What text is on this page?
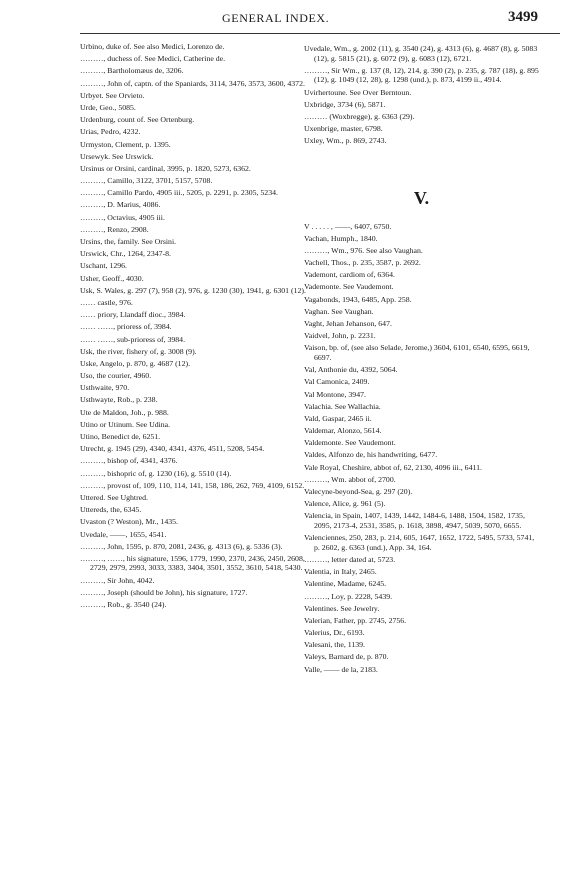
GENERAL INDEX.	3499
Urbino, duke of. See also Medici, Lorenzo de.
………, duchess of. See Medici, Catherine de.
………, Bartholomæus de, 3206.
………, John of, captn. of the Spaniards, 3114, 3476, 3573, 3600, 4372.
Urbyet. See Orvieto.
Urde, Geo., 5085.
Urdenburg, count of. See Ortenburg.
Urias, Pedro, 4232.
Urmyston, Clement, p. 1395.
Ursewyk. See Urswick.
Ursinus or Orsini, cardinal, 3995, p. 1820, 5273, 6362.
………, Camillo, 3122, 3701, 5157, 5708.
………, Camillo Pardo, 4905 iii., 5205, p. 2291, p. 2305, 5234.
………, D. Marius, 4086.
………, Octavius, 4905 iii.
………, Renzo, 2908.
Ursins, the, family. See Orsini.
Urswick, Chr., 1264, 2347-8.
Uschant, 1296.
Usher, Geoff., 4030.
Usk, S. Wales, g. 297 (7), 958 (2), 976, g. 1230 (30), 1941, g. 6301 (12).
…… castle, 976.
…… priory, Llandaff dioc., 3984.
…… ……, prioress of, 3984.
…… ……, sub-prioress of, 3984.
Usk, the river, fishery of, g. 3008 (9).
Uske, Angelo, p. 870, g. 4687 (12).
Uso, the courier, 4960.
Usthwaite, 970.
Usthwayte, Rob., p. 238.
Ute de Maldon, Joh., p. 988.
Utino or Utinum. See Udina.
Utino, Benedict de, 6251.
Utrecht, g. 1945 (29), 4340, 4341, 4376, 4511, 5208, 5454.
………, bishop of, 4341, 4376.
………, bishopric of, g. 1230 (16), g. 5510 (14).
………, provost of, 109, 110, 114, 141, 158, 186, 262, 769, 4109, 6152.
Uttered. See Ughtred.
Uttereds, the, 6345.
Uvaston (? Weston), Mr., 1435.
Uvedale, ——, 1655, 4541.
………, John, 1595, p. 870, 2081, 2436, g. 4313 (6), g. 5336 (3).
………, ……, his signature, 1596, 1779, 1990, 2370, 2436, 2450, 2608, 2729, 2979, 2993, 3033, 3383, 3404, 3501, 3552, 3610, 5418, 5430.
………, Sir John, 4042.
………, Joseph (should be John), his signature, 1727.
………, Rob., g. 3540 (24).
Uvedale, Wm., g. 2002 (11), g. 3540 (24), g. 4313 (6), g. 4687 (8), g. 5083 (12), g. 5815 (21), g. 6072 (9), g. 6083 (12), 6721.
………, Sir Wm., g. 137 (8, 12), 214, g. 390 (2), p. 235, g. 787 (18), g. 895 (12), g. 1049 (12, 28), g. 1298 (und.), p. 873, 4199 ii., 4914.
Uvirhertoune. See Over Berntoun.
Uxbridge, 3734 (6), 5871.
……… (Woxbregge), g. 6363 (29).
Uxenbrige, master, 6798.
Uxley, Wm., p. 869, 2743.
V.
V . . . . . , ——, 6407, 6750.
Vachan, Humph., 1840.
………, Wm., 976. See also Vaughan.
Vachell, Thos., p. 235, 3587, p. 2692.
Vademont, cardiom of, 6364.
Vademonte. See Vaudemont.
Vagabonds, 1943, 6485, App. 258.
Vaghan. See Vaughan.
Vaght, Jehan Jehanson, 647.
Vaidvel, John, p. 2231.
Vaison, bp. of, (see also Selade, Jerome,) 3604, 6101, 6540, 6595, 6619, 6697.
Val, Anthonie du, 4392, 5064.
Val Camonica, 2409.
Val Montone, 3947.
Valachia. See Wallachia.
Vald, Gaspar, 2465 ii.
Valdemar, Alonzo, 5614.
Valdemonte. See Vaudemont.
Valdes, Alfonzo de, his handwriting, 6477.
Vale Royal, Cheshire, abbot of, 62, 2130, 4096 iii., 6411.
………, Wm. abbot of, 2700.
Valecyne-beyond-Sea, g. 297 (20).
Valence, Alice, g. 961 (5).
Valencia, in Spain, 1407, 1439, 1442, 1484-6, 1488, 1504, 1582, 1735, 2095, 2173-4, 2531, 3585, p. 1618, 3898, 4947, 5039, 5070, 6655.
Valenciennes, 250, 283, p. 214, 605, 1647, 1652, 1722, 5495, 5733, 5741, p. 2602, g. 6363 (und.), App. 34, 164.
………, letter dated at, 5723.
Valentia, in Italy, 2465.
Valentine, Madame, 6245.
………, Loy, p. 2228, 5439.
Valentines. See Jewelry.
Valerian, Father, pp. 2745, 2756.
Valerius, Dr., 6193.
Valesani, the, 1139.
Valeys, Barnard de, p. 870.
Valle, —— de la, 2183.
